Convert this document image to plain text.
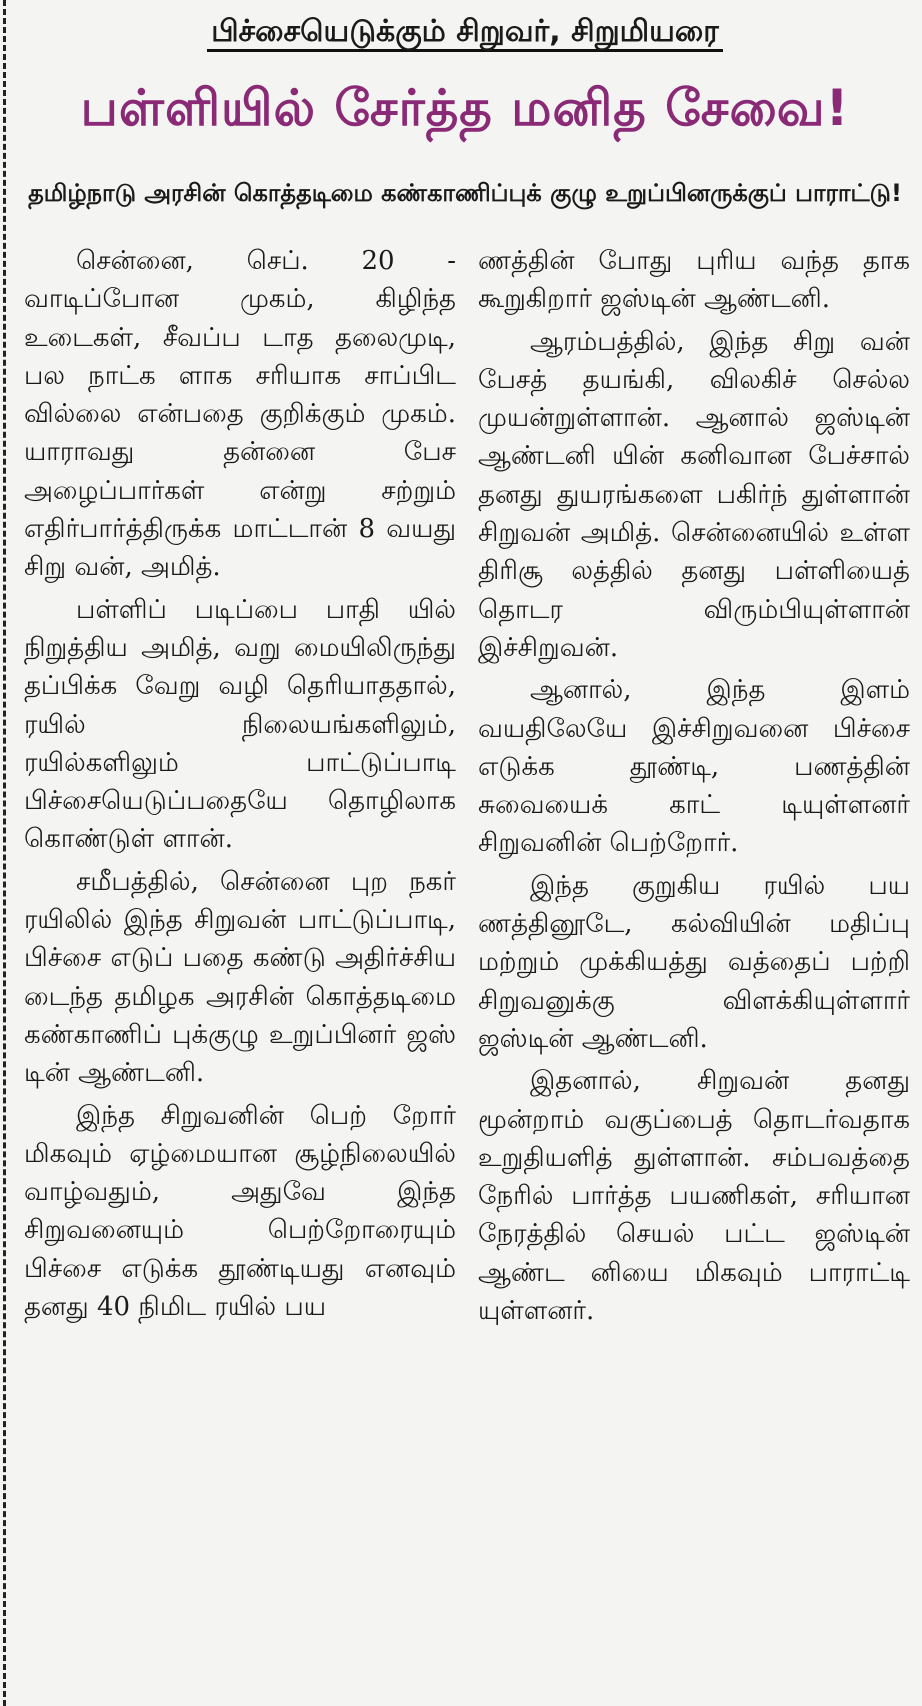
பிச்சையெடுக்கும் சிறுவர், சிறுமியரை
பள்ளியில் சேர்த்த மனித சேவை!
தமிழ்நாடு அரசின் கொத்தடிமை கண்காணிப்புக் குழு உறுப்பினருக்குப் பாராட்டு!

சென்னை, செப். 20 - வாடிப்போன முகம், கிழிந்த உடைகள், சீவப்ப டாத தலைமுடி, பல நாட்க ளாக சரியாக சாப்பிட வில்லை என்பதை குறிக்கும் முகம். யாராவது தன்னை பேச அழைப்பார்கள் என்று சற்றும் எதிர்பார்த்திருக்க மாட்டான் 8 வயது சிறு வன், அமித்.

பள்ளிப் படிப்பை பாதி யில் நிறுத்திய அமித், வறு மையிலிருந்து தப்பிக்க வேறு வழி தெரியாததால், ரயில் நிலையங்களிலும், ரயில்களிலும் பாட்டுப்பாடி பிச்சையெடுப்பதையே தொழிலாக கொண்டுள் ளான்.

சமீபத்தில், சென்னை புற நகர் ரயிலில் இந்த சிறுவன் பாட்டுப்பாடி, பிச்சை எடுப் பதை கண்டு அதிர்ச்சிய டைந்த தமிழக அரசின் கொத்தடிமை கண்காணிப் புக்குழு உறுப்பினர் ஜஸ் டின் ஆண்டனி.

இந்த சிறுவனின் பெற் றோர் மிகவும் ஏழ்மையான சூழ்நிலையில் வாழ்வதும், அதுவே இந்த சிறுவனையும் பெற்றோரையும் பிச்சை எடுக்க தூண்டியது எனவும் தனது 40 நிமிட ரயில் பய

ணத்தின் போது புரிய வந்த தாக கூறுகிறார் ஜஸ்டின் ஆண்டனி.

ஆரம்பத்தில், இந்த சிறு வன் பேசத் தயங்கி, விலகிச் செல்ல முயன்றுள்ளான். ஆனால் ஜஸ்டின் ஆண்டனி யின் கனிவான பேச்சால் தனது துயரங்களை பகிர்ந் துள்ளான் சிறுவன் அமித். சென்னையில் உள்ள திரிசூ லத்தில் தனது பள்ளியைத் தொடர விரும்பியுள்ளான் இச்சிறுவன்.

ஆனால், இந்த இளம் வயதிலேயே இச்சிறுவனை பிச்சை எடுக்க தூண்டி, பணத்தின் சுவையைக் காட் டியுள்ளனர் சிறுவனின் பெற்றோர்.

இந்த குறுகிய ரயில் பய ணத்தினூடே, கல்வியின் மதிப்பு மற்றும் முக்கியத்து வத்தைப் பற்றி சிறுவனுக்கு விளக்கியுள்ளார் ஜஸ்டின் ஆண்டனி.

இதனால், சிறுவன் தனது மூன்றாம் வகுப்பைத் தொடர்வதாக உறுதியளித் துள்ளான். சம்பவத்தை நேரில் பார்த்த பயணிகள், சரியான நேரத்தில் செயல் பட்ட ஜஸ்டின் ஆண்ட னியை மிகவும் பாராட்டி யுள்ளனர்.
